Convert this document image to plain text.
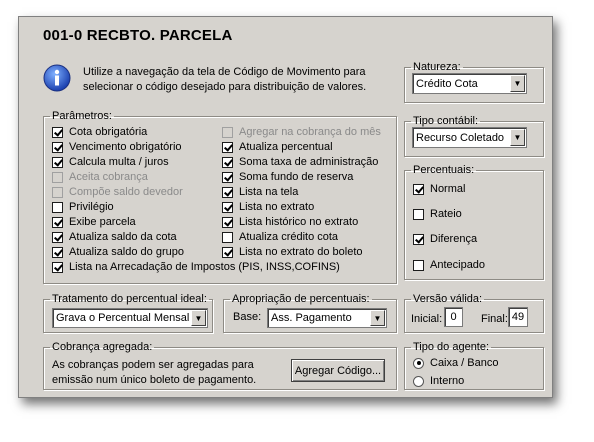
001-0 RECBTO. PARCELA
Utilize a navegação da tela de Código de Movimento para
selecionar o código desejado para distribuição de valores.
Natureza:
Crédito Cota	▼
Tipo contábil:
Recurso Coletado	▼
Percentuais:
Normal
Rateio
Diferença
Antecipado
Parâmetros:
Cota obrigatória
Vencimento obrigatório
Calcula multa / juros
Aceita cobrança
Compõe saldo devedor
Privilégio
Exibe parcela
Atualiza saldo da cota
Atualiza saldo do grupo
Lista na Arrecadação de Impostos (PIS, INSS,COFINS)
Agregar na cobrança do mês
Atualiza percentual
Soma taxa de administração
Soma fundo de reserva
Lista na tela
Lista no extrato
Lista histórico no extrato
Atualiza crédito cota
Lista no extrato do boleto
Tratamento do percentual ideal:
Grava o Percentual Mensal ▼
Apropriação de percentuais:
Base: Ass. Pagamento	▼
Versão válida:
Inicial: 0	Final: 49
Cobrança agregada:
As cobranças podem ser agregadas para
emissão num único boleto de pagamento.
Agregar Código...
Tipo do agente:
Caixa / Banco
Interno
